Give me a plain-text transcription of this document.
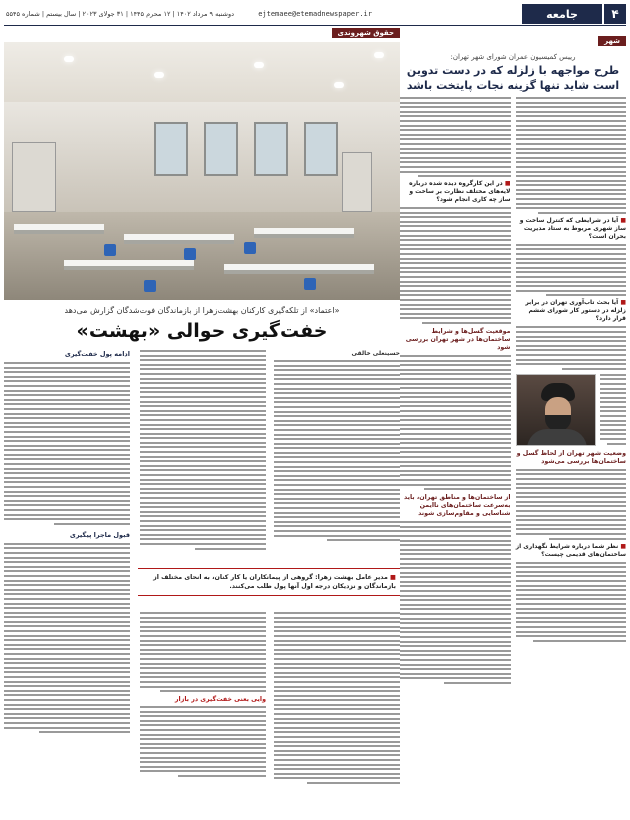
۴
جامعه
ejtemaee@etemadnewspaper.ir
دوشنبه ۹ مرداد ۱۴۰۲ | ۱۲ محرم ۱۴۴۵ | ۳۱ جولای ۲۰۲۳ | سال بیستم | شماره ۵۵۴۵
شهر
رییس کمیسیون عمران شورای شهر تهران:
طرح مواجهه با زلزله که در دست تدوین است شاید تنها گزینه نجات پایتخت باشد
■ آیا در شرایطی که کنترل ساخت و ساز شهری مربوط به ستاد مدیریت بحران است؟
■ آیا بحث تاب‌آوری تهران در برابر زلزله در دستور کار شورای ششم قرار دارد؟
وضعیت شهر تهران از لحاظ گسل و ساختمان‌ها بررسی می‌شود
■ نظر شما درباره شرایط نگهداری از ساختمان‌های قدیمی چیست؟
■ در این کارگروه دیده شده درباره لایه‌های مختلف نظارت بر ساخت و ساز چه کاری انجام شود؟
موقعیت گسل‌ها و شرایط ساختمان‌ها در شهر تهران بررسی شود
از ساختمان‌ها و مناطق تهران، باید به‌سرعت ساختمان‌های ناایمن شناسایی و مقاوم‌سازی شوند
حقوق شهروندی
«اعتماد» از تلکه‌گیری کارکنان بهشت‌زهرا از بازماندگان فوت‌شدگان گزارش می‌دهد
خفت‌گیری حوالی «بهشت»
حسینعلی خالقی
ادامه پول خفت‌گیری
قبول ماجرا پیگیری
■ مدیر عامل بهشت زهرا: گروهی از پیمانکاران یا کار کنان، به انحای مختلف از بازماندگان و نزدیکان درجه اول آنها پول طلب می‌کنند.
وایی بعنی خفت‌گیری در بازار
